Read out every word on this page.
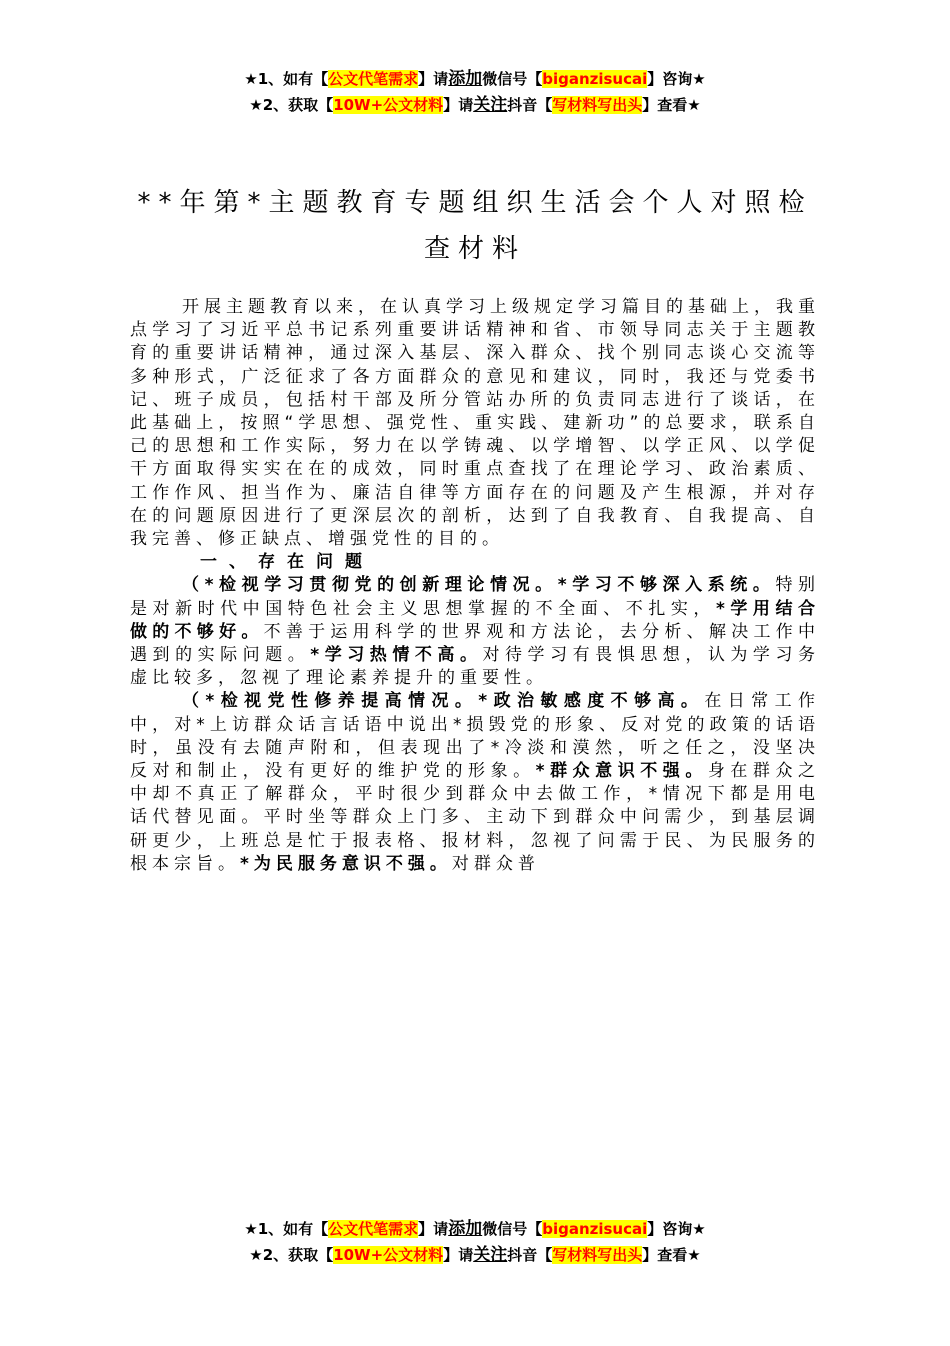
★1、如有【公文代笔需求】请添加微信号【biganzisucai】咨询★
★2、获取【10W+公文材料】请关注抖音【写材料写出头】查看★
**年第*主题教育专题组织生活会个人对照检
查材料

开展主题教育以来，在认真学习上级规定学习篇目的基础上，我重点学习了习近平总书记系列重要讲话精神和省、市领导同志关于主题教育的重要讲话精神，通过深入基层、深入群众、找个别同志谈心交流等多种形式，广泛征求了各方面群众的意见和建议，同时，我还与党委书记、班子成员，包括村干部及所分管站办所的负责同志进行了谈话，在此基础上，按照“学思想、强党性、重实践、建新功”的总要求，联系自己的思想和工作实际，努力在以学铸魂、以学增智、以学正风、以学促干方面取得实实在在的成效，同时重点查找了在理论学习、政治素质、工作作风、担当作为、廉洁自律等方面存在的问题及产生根源，并对存在的问题原因进行了更深层次的剖析，达到了自我教育、自我提高、自我完善、修正缺点、增强党性的目的。

一、存在问题

（*检视学习贯彻党的创新理论情况。*学习不够深入系统。特别是对新时代中国特色社会主义思想掌握的不全面、不扎实，*学用结合做的不够好。不善于运用科学的世界观和方法论，去分析、解决工作中遇到的实际问题。*学习热情不高。对待学习有畏惧思想，认为学习务虚比较多，忽视了理论素养提升的重要性。

（*检视党性修养提高情况。*政治敏感度不够高。在日常工作中，对*上访群众话言话语中说出*损毁党的形象、反对党的政策的话语时，虽没有去随声附和，但表现出了*冷淡和漠然，听之任之，没坚决反对和制止，没有更好的维护党的形象。*群众意识不强。身在群众之中却不真正了解群众，平时很少到群众中去做工作，*情况下都是用电话代替见面。平时坐等群众上门多、主动下到群众中问需少，到基层调研更少，上班总是忙于报表格、报材料，忽视了问需于民、为民服务的根本宗旨。*为民服务意识不强。对群众普

★1、如有【公文代笔需求】请添加微信号【biganzisucai】咨询★
★2、获取【10W+公文材料】请关注抖音【写材料写出头】查看★
